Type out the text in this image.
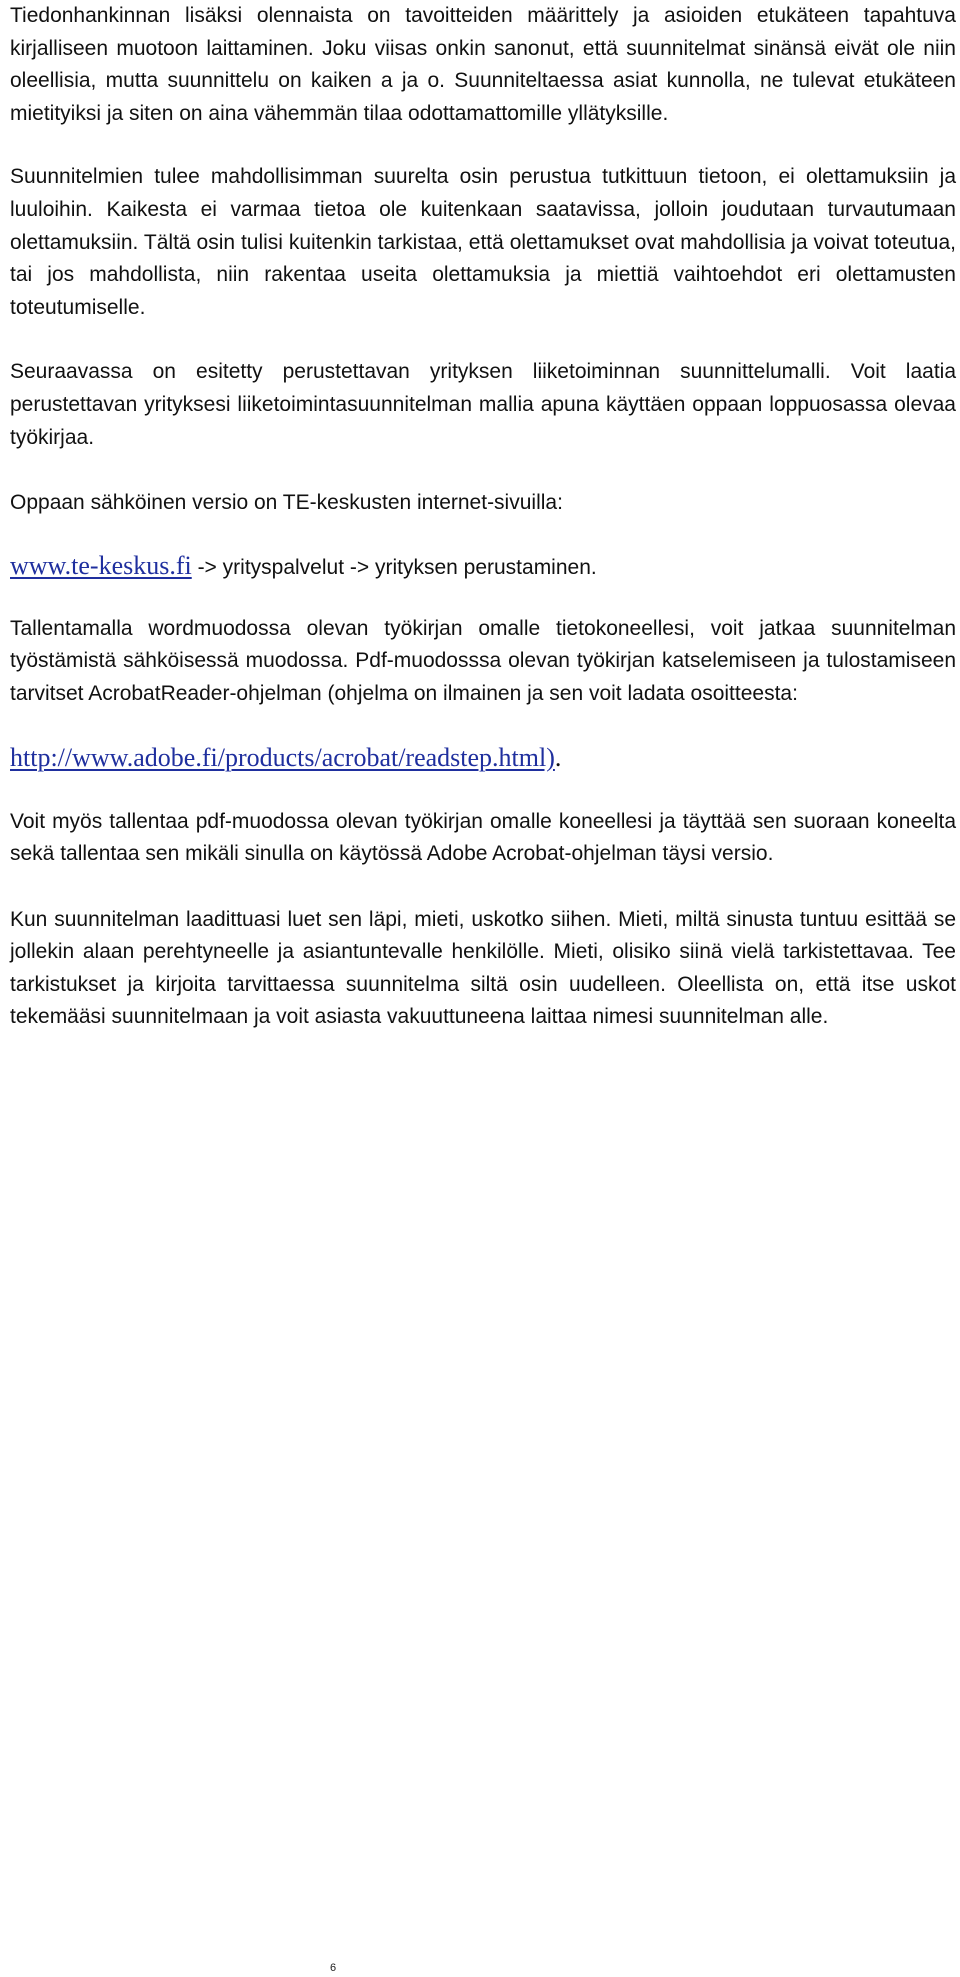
Tiedonhankinnan lisäksi olennaista on tavoitteiden määrittely ja asioiden etukäteen tapahtuva kirjalliseen muotoon laittaminen. Joku viisas onkin sanonut, että suunnitelmat sinänsä eivät ole niin oleellisia, mutta suunnittelu on kaiken a ja o. Suunniteltaessa asiat kunnolla, ne tulevat etukäteen mietityiksi ja siten on aina vähemmän tilaa odottamattomille yllätyksille.

Suunnitelmien tulee mahdollisimman suurelta osin perustua tutkittuun tietoon, ei olettamuksiin ja luuloihin. Kaikesta ei varmaa tietoa ole kuitenkaan saatavissa, jolloin joudutaan turvautumaan olettamuksiin. Tältä osin tulisi kuitenkin tarkistaa, että olettamukset ovat mahdollisia ja voivat toteutua, tai jos mahdollista, niin rakentaa useita olettamuksia ja miettiä vaihtoehdot eri olettamusten toteutumiselle.

Seuraavassa on esitetty perustettavan yrityksen liiketoiminnan suunnittelumalli. Voit laatia perustettavan yrityksesi liiketoimintasuunnitelman mallia apuna käyttäen oppaan loppuosassa olevaa työkirjaa.

Oppaan sähköinen versio on TE-keskusten internet-sivuilla:

www.te-keskus.fi -> yrityspalvelut -> yrityksen perustaminen.

Tallentamalla wordmuodossa olevan työkirjan omalle tietokoneellesi, voit jatkaa suunnitelman työstämistä sähköisessä muodossa. Pdf-muodosssa olevan työkirjan katselemiseen ja tulostamiseen tarvitset AcrobatReader-ohjelman (ohjelma on ilmainen ja sen voit ladata osoitteesta:

http://www.adobe.fi/products/acrobat/readstep.html).

Voit myös tallentaa pdf-muodossa olevan työkirjan omalle koneellesi ja täyttää sen suoraan koneelta sekä tallentaa sen mikäli sinulla on käytössä Adobe Acrobat-ohjelman täysi versio.

Kun suunnitelman laadittuasi luet sen läpi, mieti, uskotko siihen. Mieti, miltä sinusta tuntuu esittää se jollekin alaan perehtyneelle ja asiantuntevalle henkilölle. Mieti, olisiko siinä vielä tarkistettavaa. Tee tarkistukset ja kirjoita tarvittaessa suunnitelma siltä osin uudelleen. Oleellista on, että itse uskot tekemääsi suunnitelmaan ja voit asiasta vakuuttuneena laittaa nimesi suunnitelman alle.

6
